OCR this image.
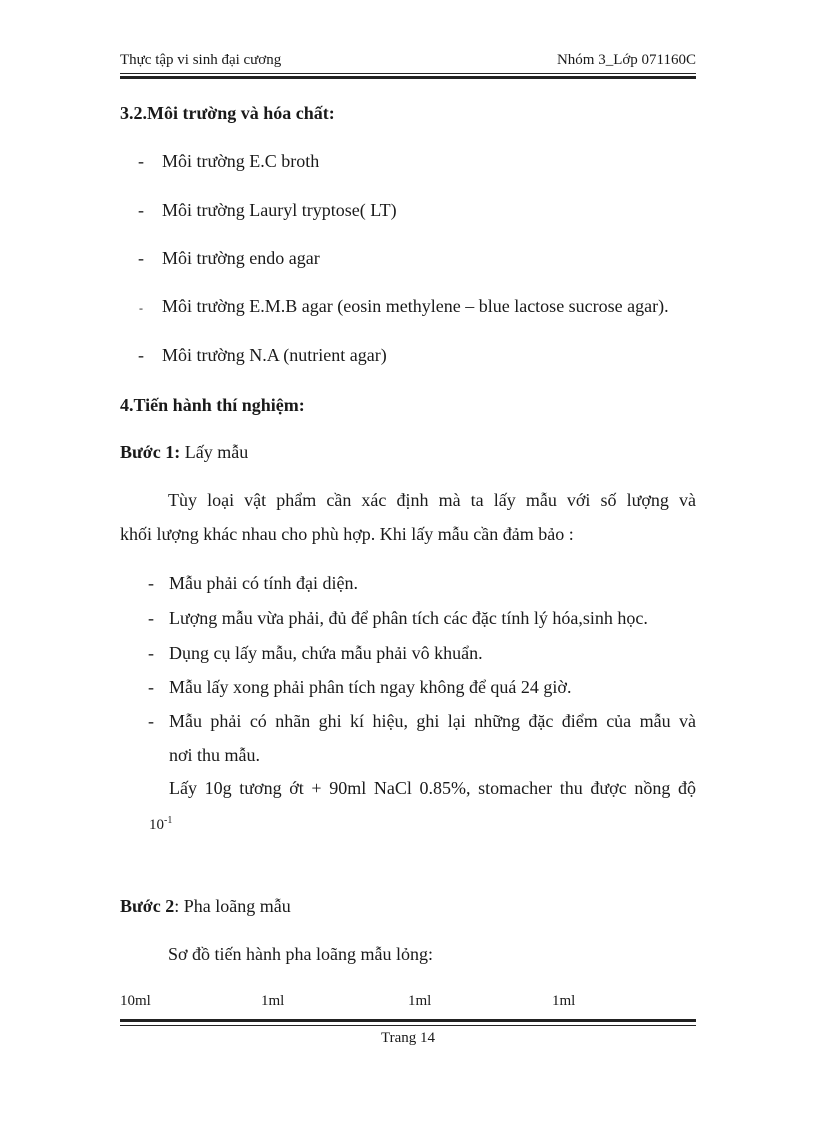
Thực tập vi sinh đại cương	Nhóm 3_Lớp 071160C
3.2.Môi trường và hóa chất:
- Môi trường E.C broth
- Môi trường Lauryl tryptose( LT)
- Môi trường endo agar
- Môi trường E.M.B agar (eosin methylene – blue lactose sucrose agar).
- Môi trường N.A (nutrient agar)
4.Tiến hành thí nghiệm:
Bước 1: Lấy mẫu
Tùy loại vật phẩm cần xác định mà ta lấy mẫu với số lượng và
khối lượng khác nhau cho phù hợp. Khi lấy mẫu cần đảm bảo :
- Mẫu phải có tính đại diện.
- Lượng mẫu vừa phải, đủ để phân tích các đặc tính lý hóa,sinh học.
- Dụng cụ lấy mẫu, chứa mẫu phải vô khuẩn.
- Mẫu lấy xong phải phân tích ngay không để quá 24 giờ.
- Mẫu phải có nhãn ghi kí hiệu, ghi lại những đặc điểm của mẫu và
nơi thu mẫu.
Lấy 10g tương ớt + 90ml NaCl 0.85%, stomacher thu được nồng độ
$10^{-1}$
Bước 2: Pha loãng mẫu
Sơ đồ tiến hành pha loãng mẫu lỏng:
10ml	1ml	1ml	1ml
Trang 14
